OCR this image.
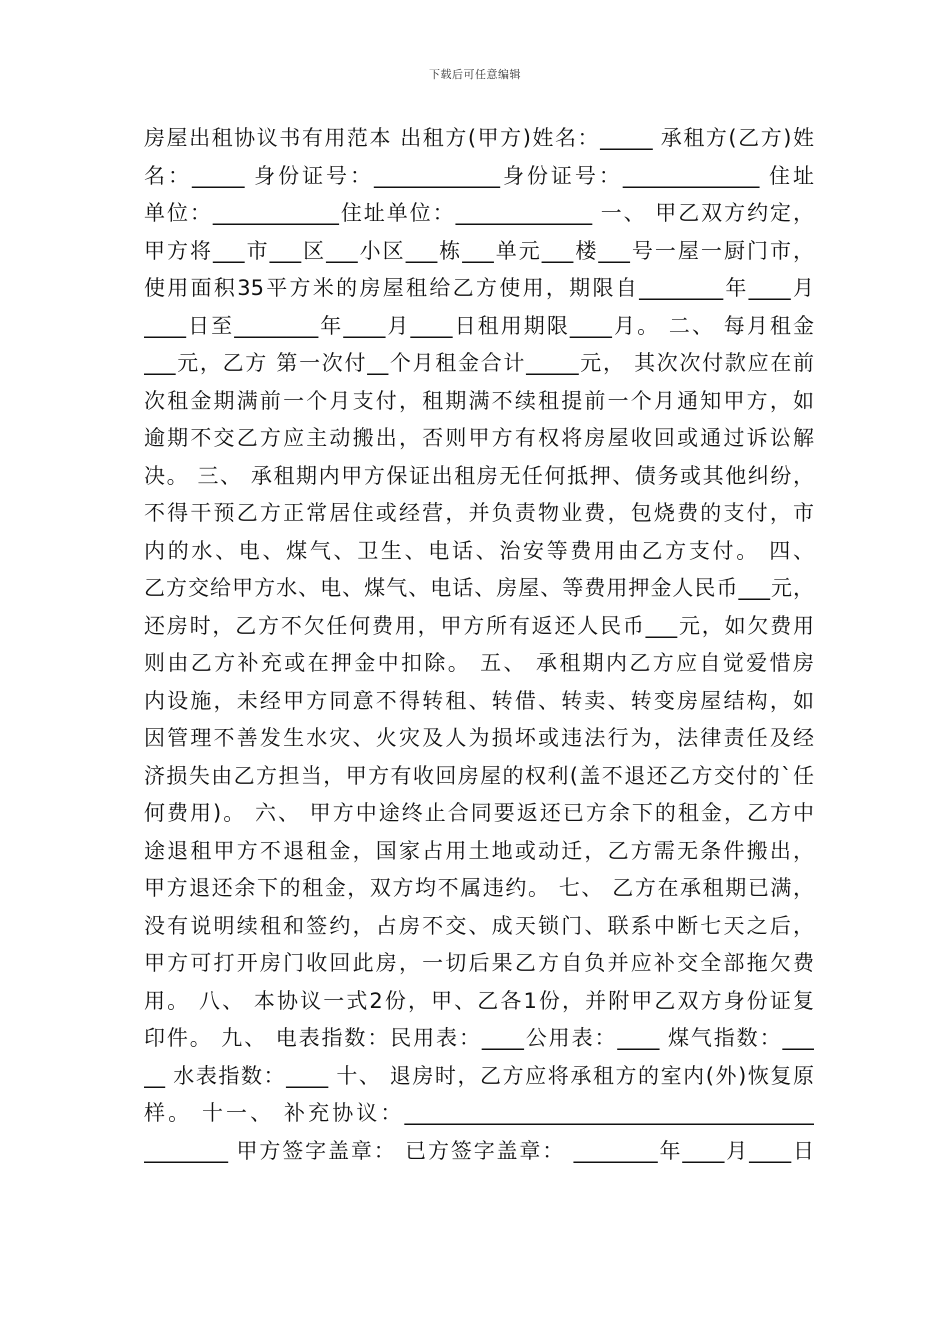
下载后可任意编辑
房屋出租协议书有用范本 出租方(甲方)姓名：_____ 承租方(乙方)姓
名：_____ 身份证号：____________身份证号：_____________ 住址
单位：____________住址单位：_____________ 一、 甲乙双方约定，
甲方将___市___区___小区___栋___单元___楼___号一屋一厨门市，
使用面积35平方米的房屋租给乙方使用，期限自________年____月
____日至________年____月____日租用期限____月。 二、 每月租金
___元，乙方 第一次付__个月租金合计_____元， 其次次付款应在前
次租金期满前一个月支付，租期满不续租提前一个月通知甲方，如
逾期不交乙方应主动搬出，否则甲方有权将房屋收回或通过诉讼解
决。 三、 承租期内甲方保证出租房无任何抵押、债务或其他纠纷，
不得干预乙方正常居住或经营，并负责物业费，包烧费的支付，市
内的水、电、煤气、卫生、电话、治安等费用由乙方支付。 四、
乙方交给甲方水、电、煤气、电话、房屋、等费用押金人民币___元，
还房时，乙方不欠任何费用，甲方所有返还人民币___元，如欠费用
则由乙方补充或在押金中扣除。 五、 承租期内乙方应自觉爱惜房
内设施，未经甲方同意不得转租、转借、转卖、转变房屋结构，如
因管理不善发生水灾、火灾及人为损坏或违法行为，法律责任及经
济损失由乙方担当，甲方有收回房屋的权利(盖不退还乙方交付的`任
何费用)。 六、 甲方中途终止合同要返还已方余下的租金，乙方中
途退租甲方不退租金，国家占用土地或动迁，乙方需无条件搬出，
甲方退还余下的租金，双方均不属违约。 七、 乙方在承租期已满，
没有说明续租和签约，占房不交、成天锁门、联系中断七天之后，
甲方可打开房门收回此房，一切后果乙方自负并应补交全部拖欠费
用。 八、 本协议一式2份，甲、乙各1份，并附甲乙双方身份证复
印件。 九、 电表指数：民用表：____公用表：____ 煤气指数：___
__ 水表指数：____ 十、 退房时，乙方应将承租方的室内(外)恢复原
样。 十一、 补充协议：_______________________________________
________ 甲方签字盖章： 已方签字盖章： ________年____月____日
